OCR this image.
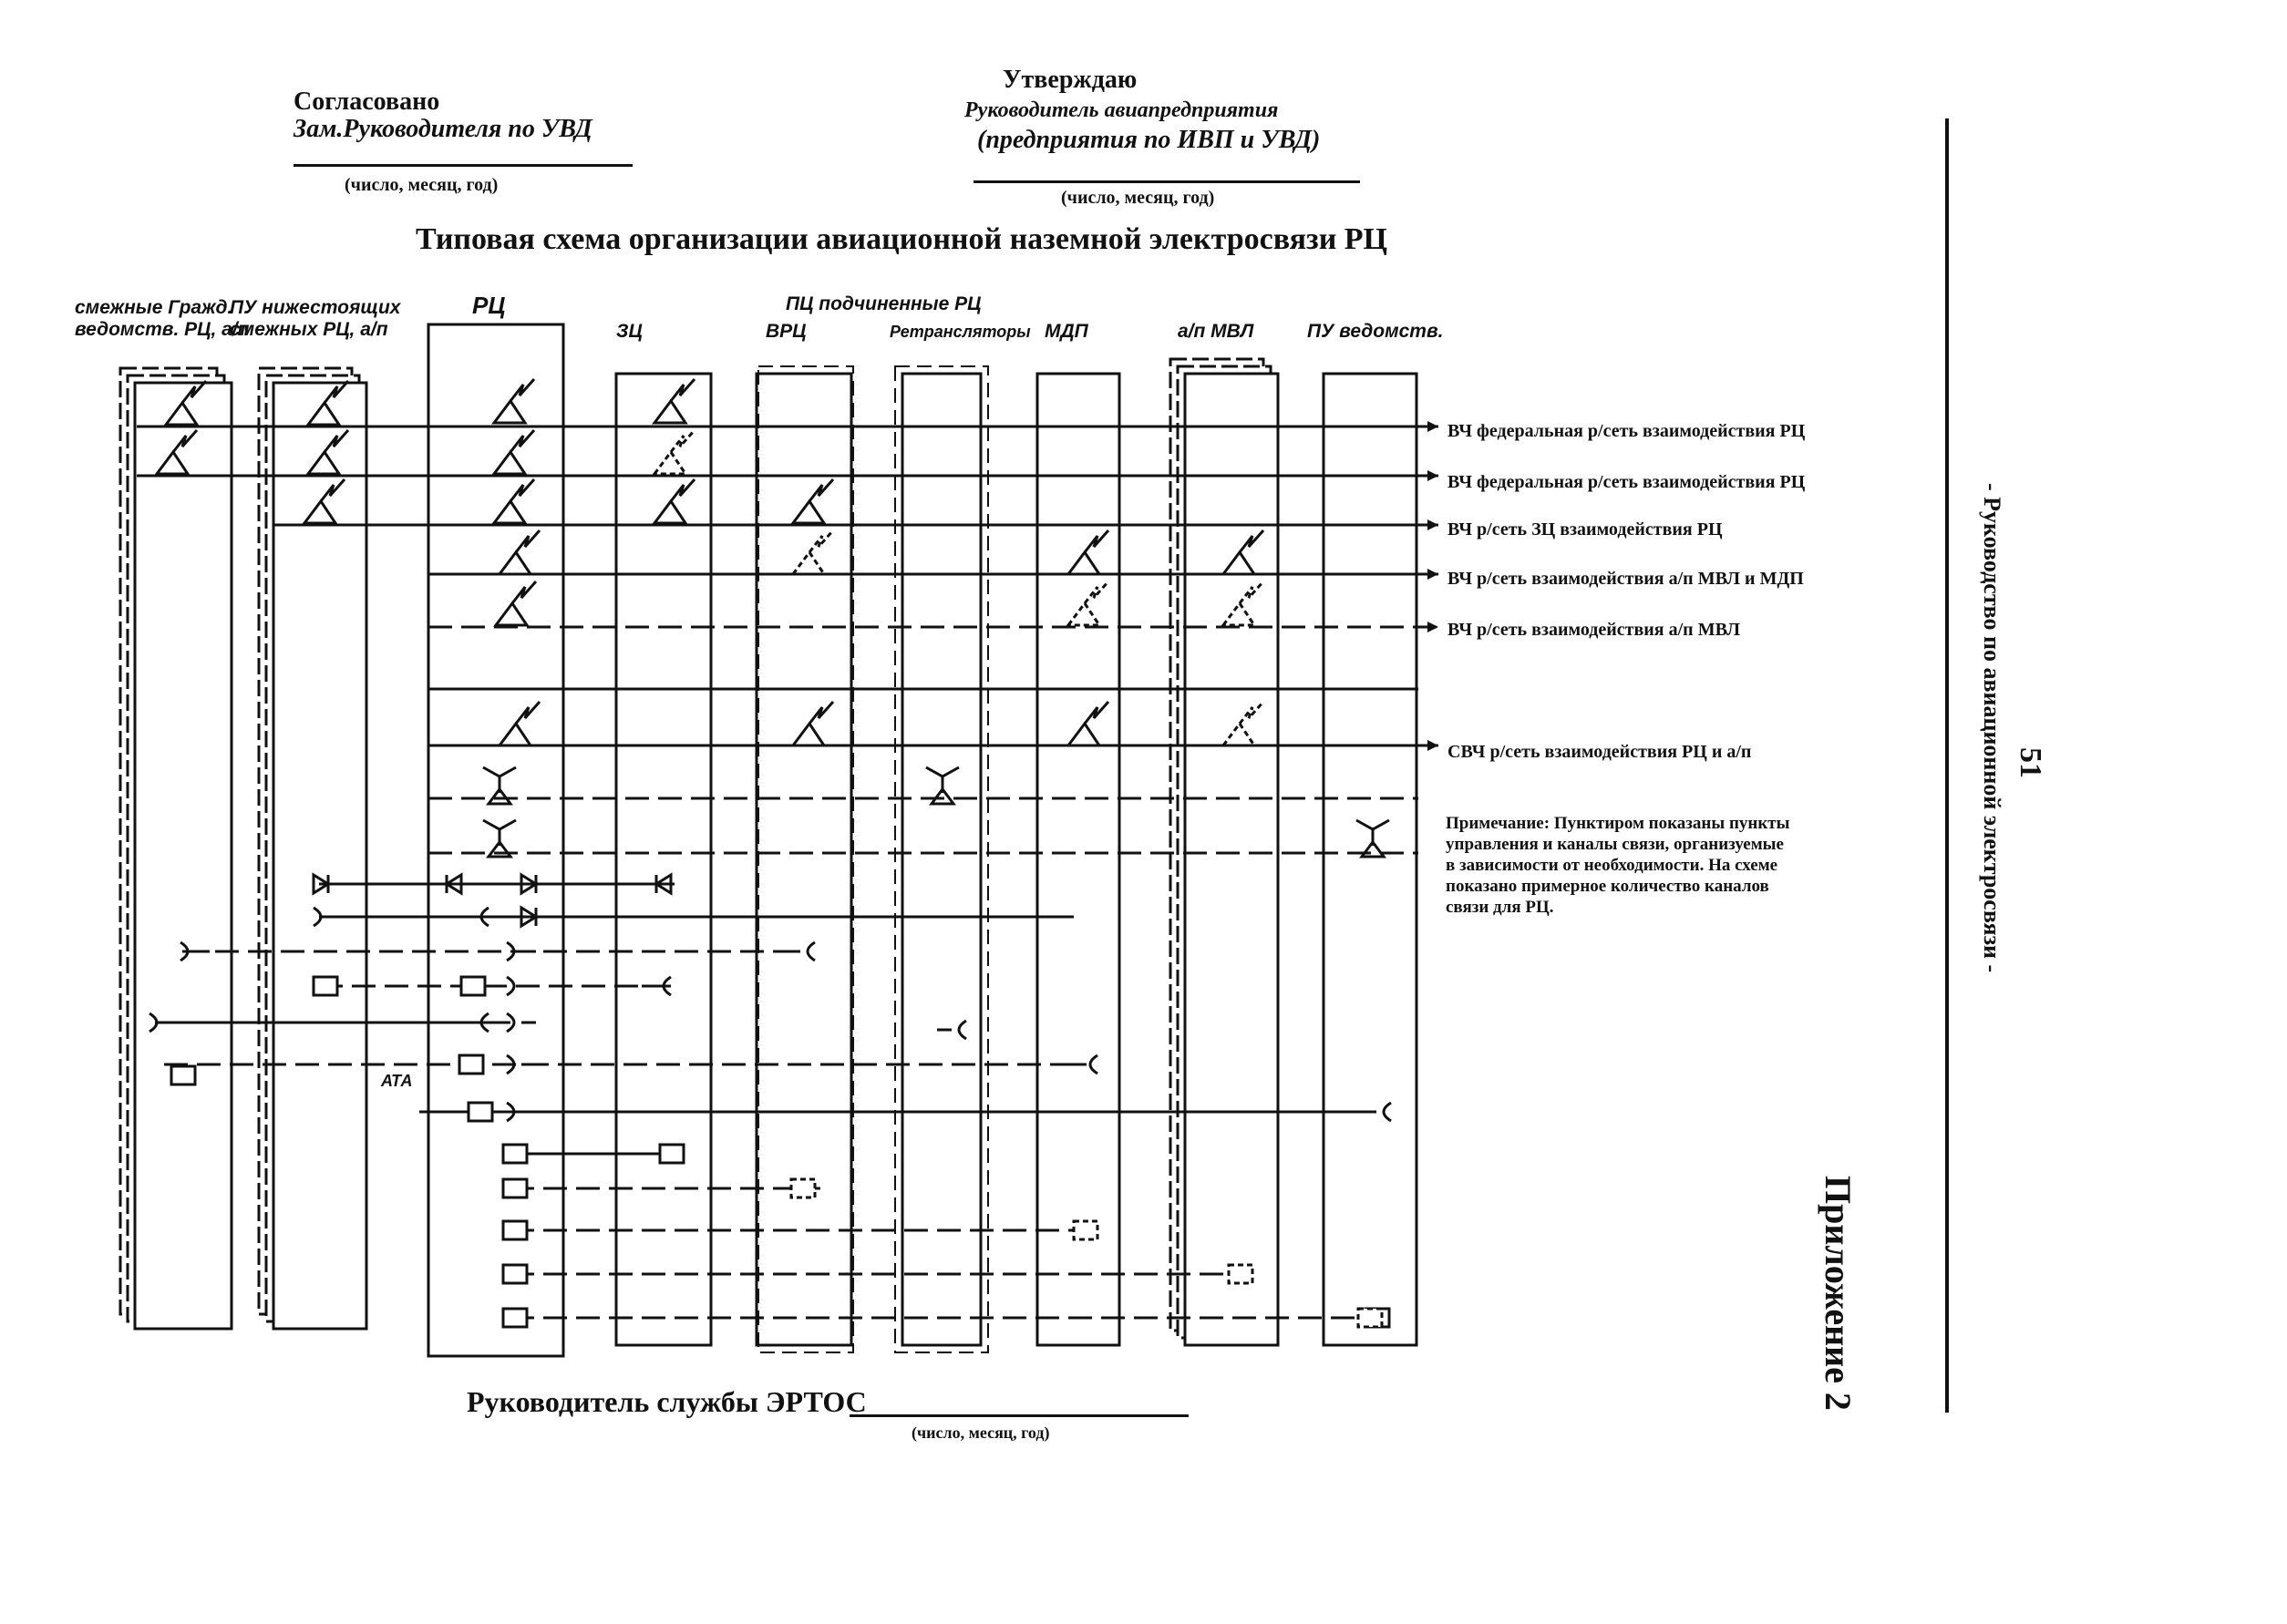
Согласовано
Зам.Руководителя по УВД
(число, месяц, год)
Утверждаю
Руководитель авиапредприятия
(предприятия по ИВП и УВД)
(число, месяц, год)
Типовая схема организации авиационной наземной электросвязи РЦ
смежные Гражд.
ведомств. РЦ, а/п
ПУ нижестоящих
смежных РЦ, а/п
РЦ
ЗЦ
ПЦ подчиненные РЦ
ВРЦ	Ретрансляторы МДП	а/п МВЛ	ПУ ведомств.
ВЧ федеральная р/сеть взаимодействия РЦ
ВЧ федеральная р/сеть взаимодействия РЦ
ВЧ р/сеть ЗЦ взаимодействия РЦ
ВЧ р/сеть взаимодействия а/п МВЛ и МДП
ВЧ р/сеть взаимодействия а/п МВЛ
СВЧ р/сеть взаимодействия РЦ и а/п
Примечание: Пунктиром показаны пункты
управления и каналы связи, организуемые
в зависимости от необходимости. На схеме
показано примерное количество каналов
связи для РЦ.
АТА
Руководитель службы ЭРТОС
(число, месяц, год)
51
- Руководство по авиационной электросвязи -
Приложение 2
